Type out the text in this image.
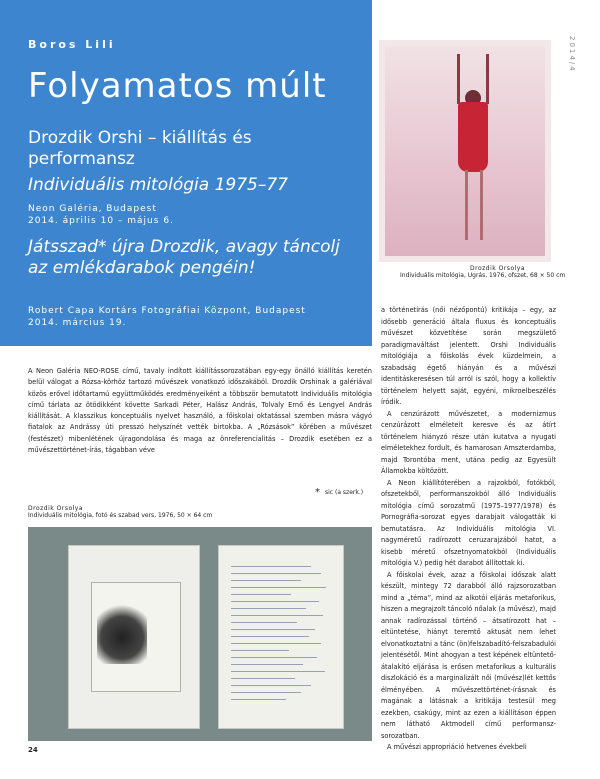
Boros Lili
Folyamatos múlt
Drozdik Orshi – kiállítás és performansz
Individuális mitológia 1975–77
Neon Galéria, Budapest
2014. április 10 – május 6.
Játsszad* újra Drozdik, avagy táncolj az emlékdarabok pengéin!
Robert Capa Kortárs Fotográfiai Központ, Budapest
2014. március 19.
2014/4
Drozdik Orsolya
Individuális mitológia, Ugrás, 1976, ofszet, 68 × 50 cm
A Neon Galéria NEO-ROSE című, tavaly indított kiállítássorozatában egy-egy önálló kiállítás keretén belül válogat a Rózsa-körhöz tartozó művészek vonatkozó időszakából. Drozdik Orshinak a galériával közös erővel időtartamú együttműködés eredményeiként a többször bemutatott Individuális mitológia című tárlata az ötödikként követte Sarkadi Péter, Halász András, Tolvaly Ernő és Lengyel András kiállítását. A klasszikus konceptuális nyelvet használó, a főiskolai oktatással szemben másra vágyó fiatalok az Andrássy úti presszó helyszínét vették birtokba. A „Rózsások” körében a művészet (festészet) mibenlétének újragondolása és maga az önreferencialitás – Drozdik esetében ez a művészettörténet-írás, tágabban véve
* sic (a szerk.)

a történetírás (női nézőpontú) kritikája – egy, az idősebb generáció általa fluxus és konceptuális művészet közvetítése során megszülető paradigmaváltást jelentett. Orshi Individuális mitológiája a főiskolás évek küzdelmein, a szabadság égető hiányán és a művészi identitáskeresésen túl arról is szól, hogy a kollektív történelem helyett saját, egyéni, mikroelbeszélés íródik.

A cenzúrázott művészetet, a modernizmus cenzúrázott elméleteit keresve és az átírt történelem hiányzó része után kutatva a nyugati elméletekhez fordult, és hamarosan Amszterdamba, majd Torontóba ment, utána pedig az Egyesült Államokba költözött.

A Neon kiállítóterében a rajzokból, fotókból, ofszetekből, performanszokból álló Individuális mitológia című sorozatmű (1975–1977/1978) és Pornográfia-sorozat egyes darabjait válogatták ki bemutatásra. Az Individuális mitológia VI. nagyméretű radírozott ceruzarajzából hatot, a kisebb méretű ofszetnyomatokból (Individuális mitológia V.) pedig hét darabot állítottak ki.

A főiskolai évek, azaz a főiskolai időszak alatt készült, mintegy 72 darabból álló rajzsorozatban mind a „téma”, mind az alkotói eljárás metaforikus, hiszen a megrajzolt táncoló nőalak (a művész), majd annak radírozással történő – átsatírozott hat – eltüntetése, hiányt teremtő aktusát nem lehet elvonatkoztatni a tánc (ön)felszabadító-felszabadulói jelentésétől. Mint ahogyan a test képének eltüntető-átalakító eljárása is erősen metaforikus a kulturális diszlokáció és a marginalizált női (művész)lét kettős élményében. A művészettörténet-írásnak és magának a látásnak a kritikája testesül meg ezekben, csakúgy, mint az ezen a kiállításon éppen nem látható Aktmodell című performansz-sorozatban.

A művészi appropriáció hetvenes évekbeli

Drozdik Orsolya
Individuális mitológia, fotó és szabad vers, 1976, 50 × 64 cm
24
